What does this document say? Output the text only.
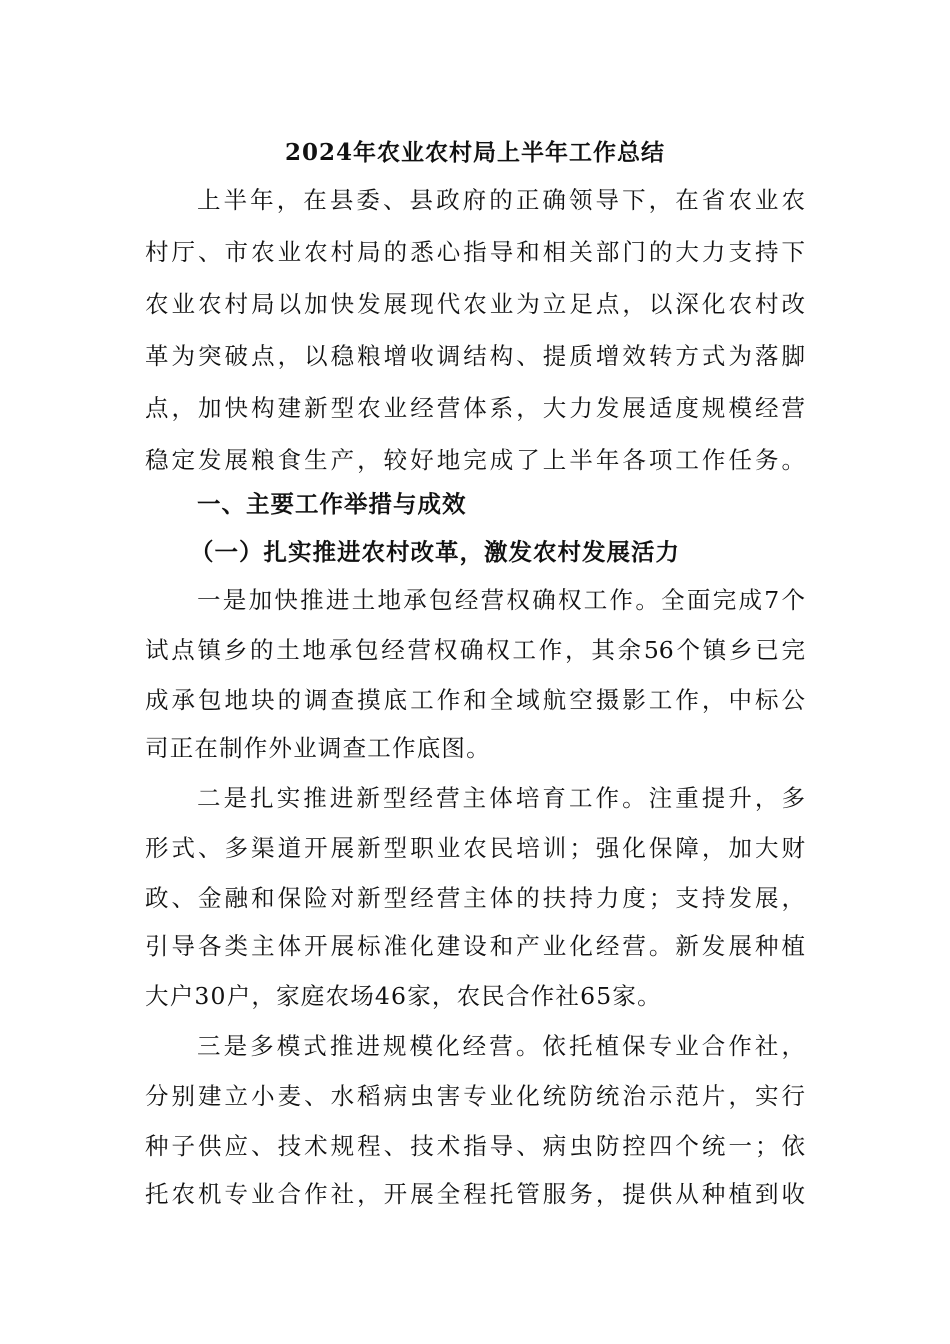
2024年农业农村局上半年工作总结
上半年，在县委、县政府的正确领导下，在省农业农
村厅、市农业农村局的悉心指导和相关部门的大力支持下
农业农村局以加快发展现代农业为立足点，以深化农村改
革为突破点，以稳粮增收调结构、提质增效转方式为落脚
点，加快构建新型农业经营体系，大力发展适度规模经营
稳定发展粮食生产，较好地完成了上半年各项工作任务。
一、主要工作举措与成效
（一）扎实推进农村改革，激发农村发展活力
一是加快推进土地承包经营权确权工作。全面完成7个
试点镇乡的土地承包经营权确权工作，其余56个镇乡已完
成承包地块的调查摸底工作和全域航空摄影工作，中标公
司正在制作外业调查工作底图。
二是扎实推进新型经营主体培育工作。注重提升，多
形式、多渠道开展新型职业农民培训；强化保障，加大财
政、金融和保险对新型经营主体的扶持力度；支持发展，
引导各类主体开展标准化建设和产业化经营。新发展种植
大户30户，家庭农场46家，农民合作社65家。
三是多模式推进规模化经营。依托植保专业合作社，
分别建立小麦、水稻病虫害专业化统防统治示范片，实行
种子供应、技术规程、技术指导、病虫防控四个统一；依
托农机专业合作社，开展全程托管服务，提供从种植到收
